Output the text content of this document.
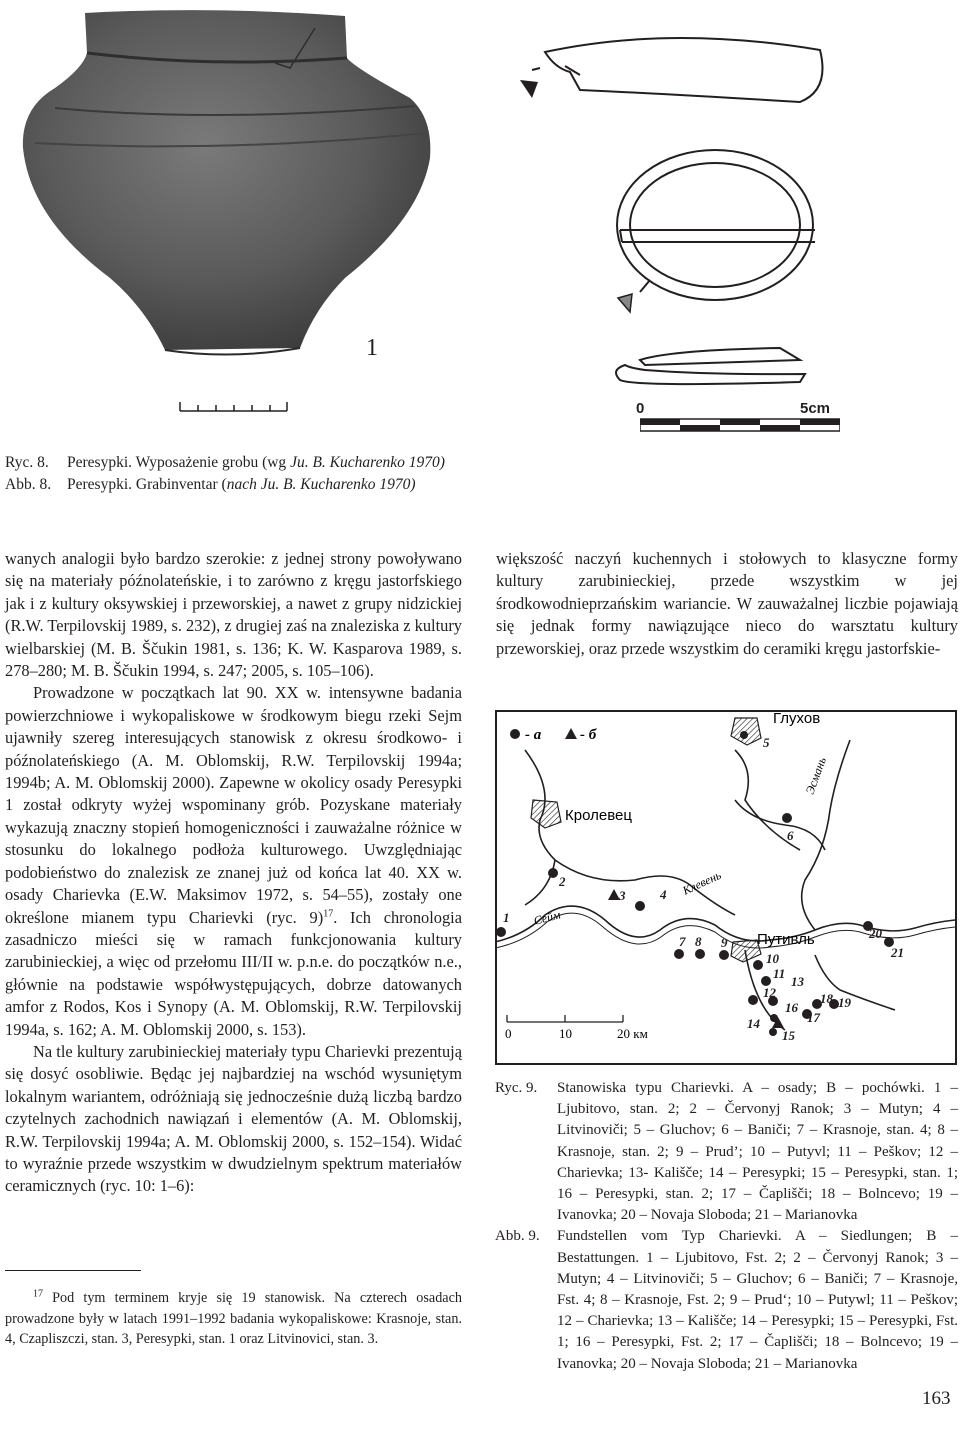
1
0	5cm
Ryc. 8. Peresypki. Wyposażenie grobu (wg Ju. B. Kucharenko 1970)
Abb. 8. Peresypki. Grabinventar (nach Ju. B. Kucharenko 1970)

wanych analogii było bardzo szerokie: z jednej strony powoływano się na materiały późnolateńskie, i to zarówno z kręgu jastorfskiego jak i z kultury oksywskiej i przeworskiej, a nawet z grupy nidzickiej (R.W. Terpilovskij 1989, s. 232), z drugiej zaś na znaleziska z kultury wielbarskiej (M. B. Ščukin 1981, s. 136; K. W. Kasparova 1989, s. 278–280; M. B. Ščukin 1994, s. 247; 2005, s. 105–106).

Prowadzone w początkach lat 90. XX w. intensywne badania powierzchniowe i wykopaliskowe w środkowym biegu rzeki Sejm ujawniły szereg interesujących stanowisk z okresu środkowo- i późnolateńskiego (A. M. Oblomskij, R.W. Terpilovskij 1994a; 1994b; A. M. Oblomskij 2000). Zapewne w okolicy osady Peresypki 1 został odkryty wyżej wspominany grób. Pozyskane materiały wykazują znaczny stopień homogeniczności i zauważalne różnice w stosunku do lokalnego podłoża kulturowego. Uwzględniając podobieństwo do znalezisk ze znanej już od końca lat 40. XX w. osady Charievka (E.W. Maksimov 1972, s. 54–55), zostały one określone mianem typu Charievki (ryc. 9)$^{17}$. Ich chronologia zasadniczo mieści się w ramach funkcjonowania kultury zarubinieckiej, a więc od przełomu III/II w. p.n.e. do początków n.e., głównie na podstawie współwystępujących, dobrze datowanych amfor z Rodos, Kos i Synopy (A. M. Oblomskij, R.W. Terpilovskij 1994a, s. 162; A. M. Oblomskij 2000, s. 153).

Na tle kultury zarubinieckiej materiały typu Charievki prezentują się dosyć osobliwie. Będąc jej najbardziej na wschód wysuniętym lokalnym wariantem, odróżniają się jednocześnie dużą liczbą bardzo czytelnych zachodnich nawiązań i elementów (A. M. Oblomskij, R.W. Terpilovskij 1994a; A. M. Oblomskij 2000, s. 152–154). Widać to wyraźnie przede wszystkim w dwudzielnym spektrum materiałów ceramicznych (ryc. 10: 1–6):

$^{17}$ Pod tym terminem kryje się 19 stanowisk. Na czterech osadach prowadzone były w latach 1991–1992 badania wykopaliskowe: Krasnoje, stan. 4, Czapliszczi, stan. 3, Peresypki, stan. 1 oraz Litvinovici, stan. 3.

większość naczyń kuchennych i stołowych to klasyczne formy kultury zarubinieckiej, przede wszystkim w jej środkowodnieprzańskim wariancie. W zauważalnej liczbie pojawiają się jednak formy nawiązujące nieco do warsztatu kultury przeworskiej, oraz przede wszystkim do ceramiki kręgu jastorfskie-

- а	- б
Глухов
Кролевец
Путивль
Сейм
Клевень
Эсмань
1
2
3	4
5
6
7 8 9
10
11
12
13
14
15
16
17
18 19
20
21
0	10	20 км
Ryc. 9.	Stanowiska typu Charievki. A – osady; B – pochówki. 1 – Ljubitovo, stan. 2; 2 – Červonyj Ranok; 3 – Mutyn; 4 – Litvinoviči; 5 – Gluchov; 6 – Baniči; 7 – Krasnoje, stan. 4; 8 – Krasnoje, stan. 2; 9 – Prud’; 10 – Putyvl; 11 – Peškov; 12 – Charievka; 13- Kališče; 14 – Peresypki; 15 – Peresypki, stan. 1; 16 – Peresypki, stan. 2; 17 – Čaplišči; 18 – Bolncevo; 19 – Ivanovka; 20 – Novaja Sloboda; 21 – Marianovka
Abb. 9.	Fundstellen vom Typ Charievki. A – Siedlungen; B – Bestattungen. 1 – Ljubitovo, Fst. 2; 2 – Červonyj Ranok; 3 – Mutyn; 4 – Litvinoviči; 5 – Gluchov; 6 – Baniči; 7 – Krasnoje, Fst. 4; 8 – Krasnoje, Fst. 2; 9 – Prud‘; 10 – Putywl; 11 – Peškov; 12 – Charievka; 13 – Kališče; 14 – Peresypki; 15 – Peresypki, Fst. 1; 16 – Peresypki, Fst. 2; 17 – Čaplišči; 18 – Bolncevo; 19 – Ivanovka; 20 – Novaja Sloboda; 21 – Marianovka
163
